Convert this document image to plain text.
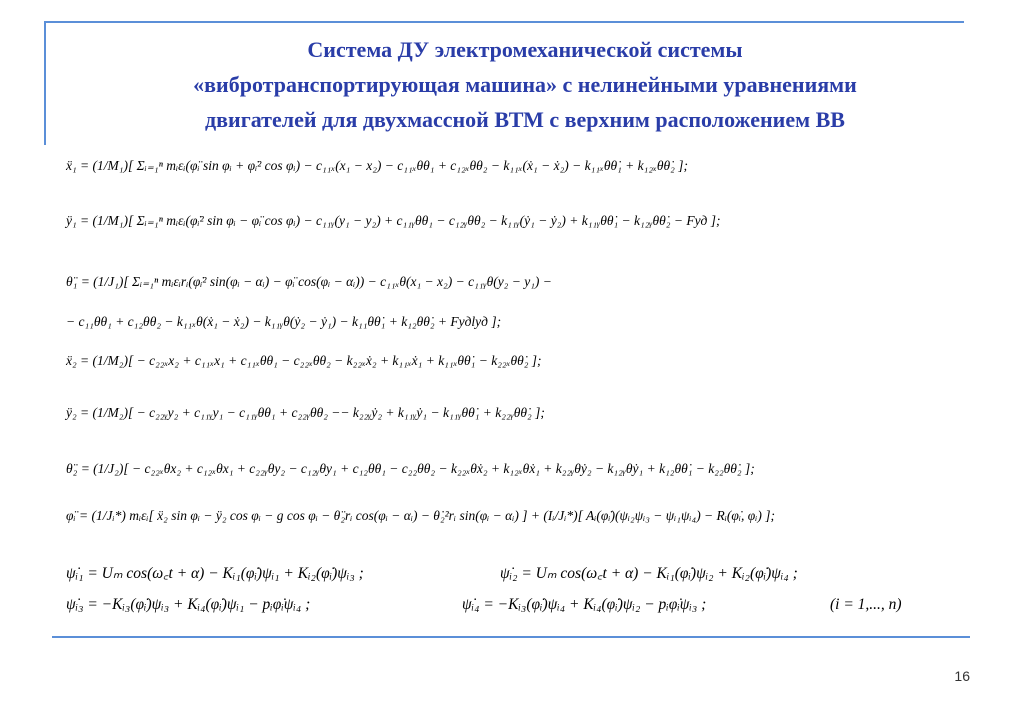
Система ДУ электромеханической системы
«вибротранспортирующая машина» с нелинейными уравнениями
двигателей для двухмассной ВТМ с верхним расположением ВВ
ẍ₁ = (1/M₁)[ Σᵢ₌₁ⁿ mᵢεᵢ(φ̈ᵢ sin φᵢ + φ̇ᵢ² cos φᵢ) − c₁₁ₓ(x₁ − x₂) − c₁₁ₓθθ₁ + c₁₂ₓθθ₂ − k₁₁ₓ(ẋ₁ − ẋ₂) − k₁₁ₓθθ̇₁ + k₁₂ₓθθ̇₂ ];
ÿ₁ = (1/M₁)[ Σᵢ₌₁ⁿ mᵢεᵢ(φ̇ᵢ² sin φᵢ − φ̈ᵢ cos φᵢ) − c₁₁ᵧ(y₁ − y₂) + c₁₁ᵧθθ₁ − c₁₂ᵧθθ₂ − k₁₁ᵧ(ẏ₁ − ẏ₂) + k₁₁ᵧθθ̇₁ − k₁₂ᵧθθ̇₂ − Fуд ];
θ̈₁ = (1/J₁)[ Σᵢ₌₁ⁿ mᵢεᵢrᵢ(φ̇ᵢ² sin(φᵢ − αᵢ) − φ̈ᵢ cos(φᵢ − αᵢ)) − c₁₁ₓθ(x₁ − x₂) − c₁₁ᵧθ(y₂ − y₁) −
− c₁₁θθ₁ + c₁₂θθ₂ − k₁₁ₓθ(ẋ₁ − ẋ₂) − k₁₁ᵧθ(ẏ₂ − ẏ₁) − k₁₁θθ̇₁ + k₁₂θθ̇₂ + Fудlуд ];
ẍ₂ = (1/M₂)[ − c₂₂ₓx₂ + c₁₁ₓx₁ + c₁₁ₓθθ₁ − c₂₂ₓθθ₂ − k₂₂ₓẋ₂ + k₁₁ₓẋ₁ + k₁₁ₓθθ̇₁ − k₂₂ₓθθ̇₂ ];
ÿ₂ = (1/M₂)[ − c₂₂ᵧy₂ + c₁₁ᵧy₁ − c₁₁ᵧθθ₁ + c₂₂ᵧθθ₂ −− k₂₂ᵧẏ₂ + k₁₁ᵧẏ₁ − k₁₁ᵧθθ̇₁ + k₂₂ᵧθθ̇₂ ];
θ̈₂ = (1/J₂)[ − c₂₂ₓθx₂ + c₁₂ₓθx₁ + c₂₂ᵧθy₂ − c₁₂ᵧθy₁ + c₁₂θθ₁ − c₂₂θθ₂ − k₂₂ₓθẋ₂ + k₁₂ₓθẋ₁ + k₂₂ᵧθẏ₂ − k₁₂ᵧθẏ₁ + k₁₂θθ̇₁ − k₂₂θθ̇₂ ];
φ̈ᵢ = (1/Jᵢ*) mᵢεᵢ[ ẍ₂ sin φᵢ − ÿ₂ cos φᵢ − g cos φᵢ − θ̈₂rᵢ cos(φᵢ − αᵢ) − θ̇₂²rᵢ sin(φᵢ − αᵢ) ] + (Iᵢ/Jᵢ*)[ Aᵢ(φ̇ᵢ)(ψᵢ₂ψᵢ₃ − ψᵢ₁ψᵢ₄) − Rᵢ(φ̇ᵢ, φᵢ) ];
ψ̇ᵢ₁ = Uₘ cos(ω꜀t + α) − Kᵢ₁(φ̇ᵢ)ψᵢ₁ + Kᵢ₂(φ̇ᵢ)ψᵢ₃ ;	ψ̇ᵢ₂ = Uₘ cos(ω꜀t + α) − Kᵢ₁(φ̇ᵢ)ψᵢ₂ + Kᵢ₂(φ̇ᵢ)ψᵢ₄ ;
ψ̇ᵢ₃ = −Kᵢ₃(φ̇ᵢ)ψᵢ₃ + Kᵢ₄(φ̇ᵢ)ψᵢ₁ − pᵢφ̇ᵢψᵢ₄ ;	ψ̇ᵢ₄ = −Kᵢ₃(φ̇ᵢ)ψᵢ₄ + Kᵢ₄(φ̇ᵢ)ψᵢ₂ − pᵢφ̇ᵢψᵢ₃ ;	(i = 1,..., n)
16
